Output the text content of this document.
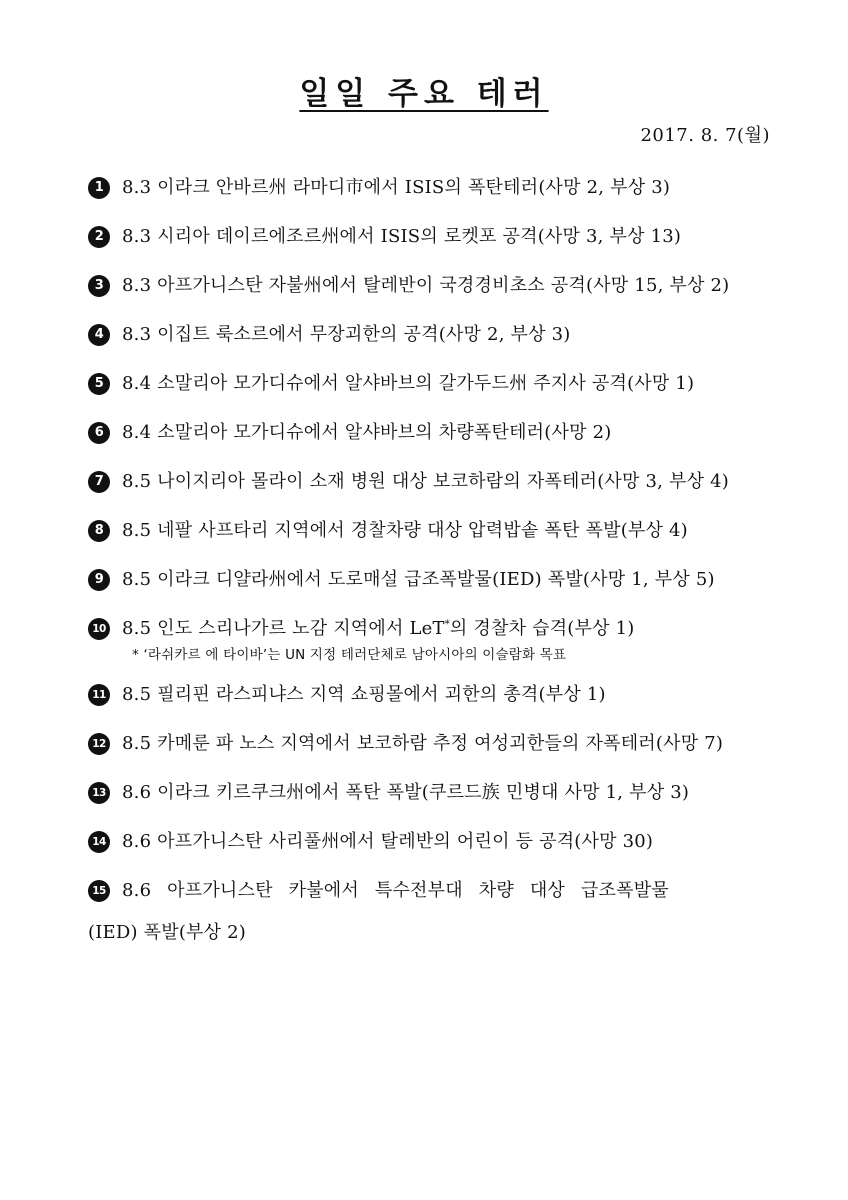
일일 주요 테러
2017. 8. 7(월)
1	8.3 이라크 안바르州 라마디市에서 ISIS의 폭탄테러(사망 2, 부상 3)
2	8.3 시리아 데이르에조르州에서 ISIS의 로켓포 공격(사망 3, 부상 13)
3	8.3 아프가니스탄 자불州에서 탈레반이 국경경비초소 공격(사망 15, 부상 2)
4	8.3 이집트 룩소르에서 무장괴한의 공격(사망 2, 부상 3)
5	8.4 소말리아 모가디슈에서 알샤바브의 갈가두드州 주지사 공격(사망 1)
6	8.4 소말리아 모가디슈에서 알샤바브의 차량폭탄테러(사망 2)
7	8.5 나이지리아 몰라이 소재 병원 대상 보코하람의 자폭테러(사망 3, 부상 4)
8	8.5 네팔 사프타리 지역에서 경찰차량 대상 압력밥솥 폭탄 폭발(부상 4)
9	8.5 이라크 디얄라州에서 도로매설 급조폭발물(IED) 폭발(사망 1, 부상 5)
10 8.5 인도 스리나가르 노감 지역에서 LeT*의 경찰차 습격(부상 1)
* ‘라쉬카르 에 타이바’는 UN 지정 테러단체로 남아시아의 이슬람화 목표
11 8.5 필리핀 라스피냐스 지역 쇼핑몰에서 괴한의 총격(부상 1)
12 8.5 카메룬 파 노스 지역에서 보코하람 추정 여성괴한들의 자폭테러(사망 7)
13 8.6 이라크 키르쿠크州에서 폭탄 폭발(쿠르드族 민병대 사망 1, 부상 3)
14 8.6 아프가니스탄 사리풀州에서 탈레반의 어린이 등 공격(사망 30)
15 8.6 아프가니스탄 카불에서 특수전부대 차량 대상 급조폭발물
(IED) 폭발(부상 2)
